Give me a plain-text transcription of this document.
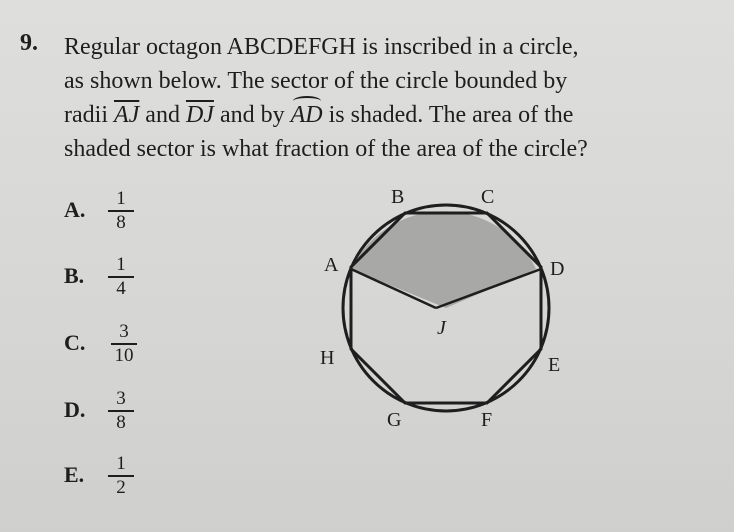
9. Regular octagon ABCDEFGH is inscribed in a circle,
as shown below. The sector of the circle bounded by
radii $\overline{AJ}$ and $\overline{DJ}$ and by AD is shaded. The area of the
shaded sector is what fraction of the area of the circle?
A.	1
8
B.	1
4
C.	3
10
D.	3
8
E.	1
2
B	C
A	D
H	E
G	F
J
